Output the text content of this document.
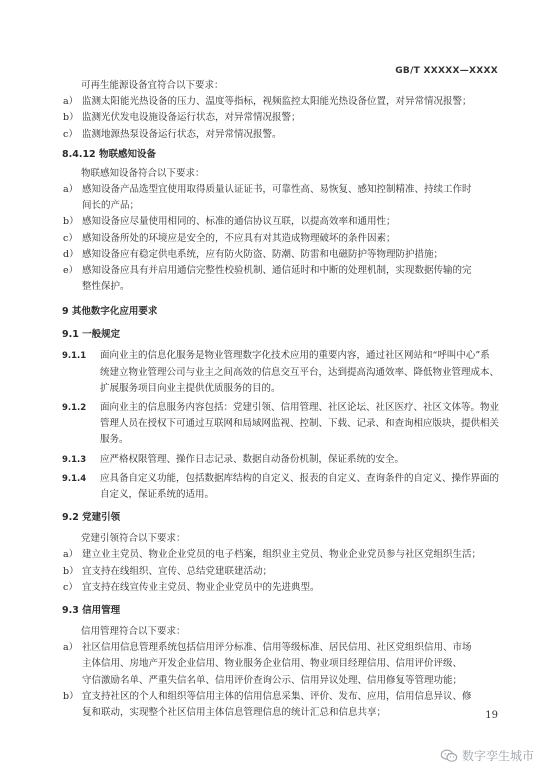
GB/T XXXXX—XXXX

可再生能源设备宜符合以下要求：

a） 监测太阳能光热设备的压力、温度等指标，视频监控太阳能光热设备位置，对异常情况报警；
b） 监测光伏发电设施设备运行状态，对异常情况报警；
c） 监测地源热泵设备运行状态，对异常情况报警。
8.4.12 物联感知设备

物联感知设备符合以下要求：

a） 感知设备产品选型宜使用取得质量认证证书，可靠性高、易恢复、感知控制精准、持续工作时
间长的产品；
b） 感知设备应尽量使用相同的、标准的通信协议互联，以提高效率和通用性；
c） 感知设备所处的环境应是安全的，不应具有对其造成物理破坏的条件因素；
d） 感知设备应有稳定供电系统，应有防火防盗、防潮、防雷和电磁防护等物理防护措施；
e） 感知设备应具有并启用通信完整性校验机制、通信延时和中断的处理机制，实现数据传输的完
整性保护。
9 其他数字化应用要求
9.1 一般规定
9.1.1	面向业主的信息化服务是物业管理数字化技术应用的重要内容，通过社区网站和“呼叫中心”系
统建立物业管理公司与业主之间高效的信息交互平台，达到提高沟通效率、降低物业管理成本、
扩展服务项目向业主提供优质服务的目的。
9.1.2	面向业主的信息服务内容包括：党建引领、信用管理、社区论坛、社区医疗、社区文体等。物业
管理人员在授权下可通过互联网和局域网监视、控制、下载、记录、和查询相应版块，提供相关
服务。
9.1.3	应严格权限管理、操作日志记录、数据自动备份机制，保证系统的安全。
9.1.4	应具备自定义功能，包括数据库结构的自定义、报表的自定义、查询条件的自定义、操作界面的
自定义，保证系统的适用。
9.2 党建引领

党建引领符合以下要求：

a） 建立业主党员、物业企业党员的电子档案，组织业主党员、物业企业党员参与社区党组织生活；
b） 宜支持在线组织、宣传、总结党建联建活动；
c） 宜支持在线宣传业主党员、物业企业党员中的先进典型。
9.3 信用管理

信用管理符合以下要求：

a） 社区信用信息管理系统包括信用评分标准、信用等级标准、居民信用、社区党组织信用、市场
主体信用、房地产开发企业信用、物业服务企业信用、物业项目经理信用、信用评价评级、
守信激励名单、严重失信名单、信用评价查询公示、信用异议处理、信用修复等管理功能；
b） 宜支持社区的个人和组织等信用主体的信用信息采集、评价、发布、应用，信用信息异议、修
复和联动，实现整个社区信用主体信息管理信息的统计汇总和信息共享；	19
数字孪生城市
